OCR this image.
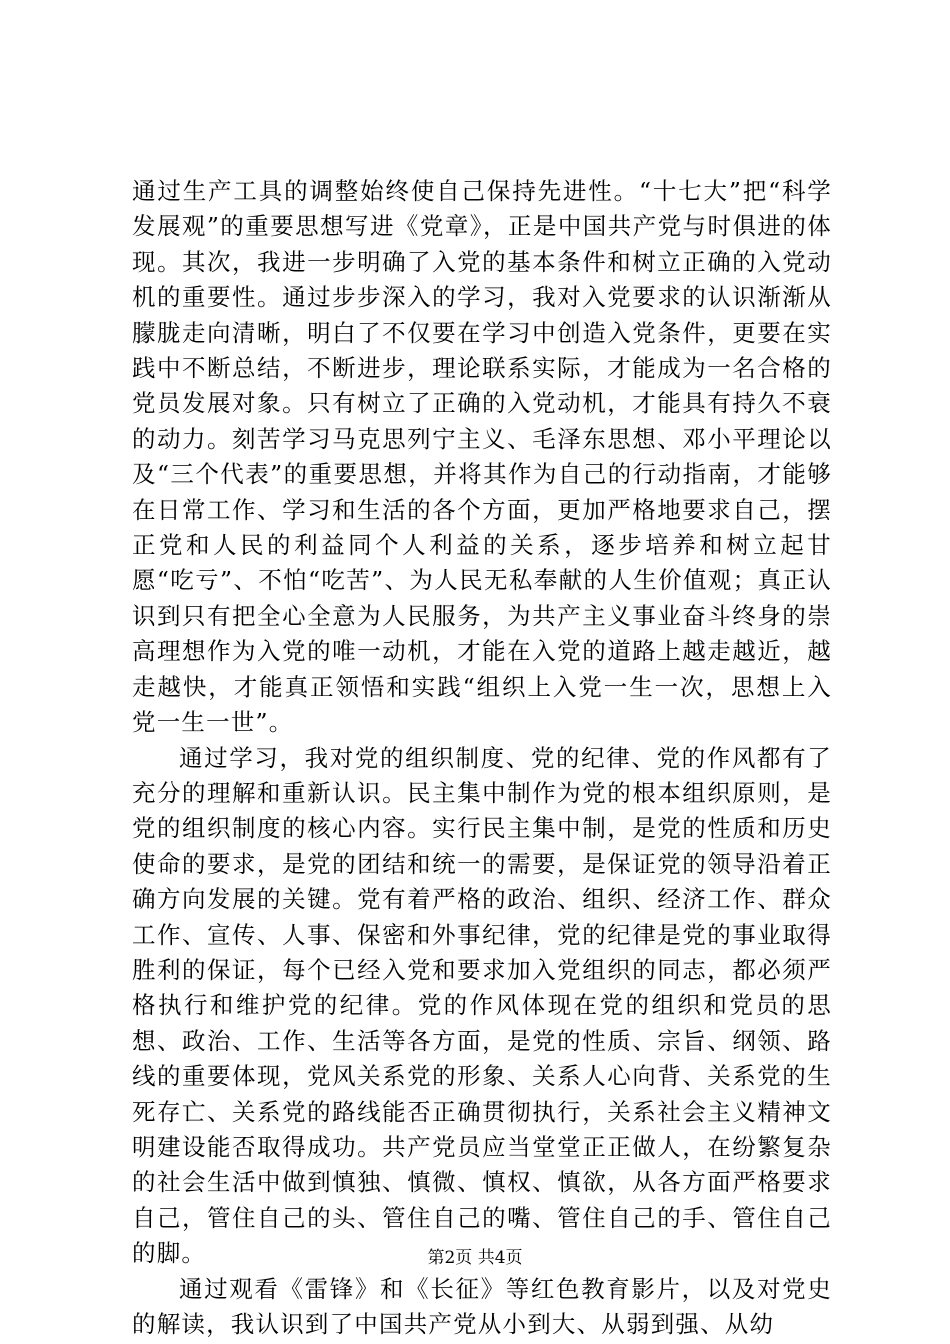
通过生产工具的调整始终使自己保持先进性。“十七大”把“科学发展观”的重要思想写进《党章》，正是中国共产党与时俱进的体现。其次，我进一步明确了入党的基本条件和树立正确的入党动机的重要性。通过步步深入的学习，我对入党要求的认识渐渐从朦胧走向清晰，明白了不仅要在学习中创造入党条件，更要在实践中不断总结，不断进步，理论联系实际，才能成为一名合格的党员发展对象。只有树立了正确的入党动机，才能具有持久不衰的动力。刻苦学习马克思列宁主义、毛泽东思想、邓小平理论以及“三个代表”的重要思想，并将其作为自己的行动指南，才能够在日常工作、学习和生活的各个方面，更加严格地要求自己，摆正党和人民的利益同个人利益的关系，逐步培养和树立起甘愿“吃亏”、不怕“吃苦”、为人民无私奉献的人生价值观；真正认识到只有把全心全意为人民服务，为共产主义事业奋斗终身的崇高理想作为入党的唯一动机，才能在入党的道路上越走越近，越走越快，才能真正领悟和实践“组织上入党一生一次，思想上入党一生一世”。

通过学习，我对党的组织制度、党的纪律、党的作风都有了充分的理解和重新认识。民主集中制作为党的根本组织原则，是党的组织制度的核心内容。实行民主集中制，是党的性质和历史使命的要求，是党的团结和统一的需要，是保证党的领导沿着正确方向发展的关键。党有着严格的政治、组织、经济工作、群众工作、宣传、人事、保密和外事纪律，党的纪律是党的事业取得胜利的保证，每个已经入党和要求加入党组织的同志，都必须严格执行和维护党的纪律。党的作风体现在党的组织和党员的思想、政治、工作、生活等各方面，是党的性质、宗旨、纲领、路线的重要体现，党风关系党的形象、关系人心向背、关系党的生死存亡、关系党的路线能否正确贯彻执行，关系社会主义精神文明建设能否取得成功。共产党员应当堂堂正正做人，在纷繁复杂的社会生活中做到慎独、慎微、慎权、慎欲，从各方面严格要求自己，管住自己的头、管住自己的嘴、管住自己的手、管住自己的脚。

通过观看《雷锋》和《长征》等红色教育影片，以及对党史的解读，我认识到了中国共产党从小到大、从弱到强、从幼

第2页 共4页
